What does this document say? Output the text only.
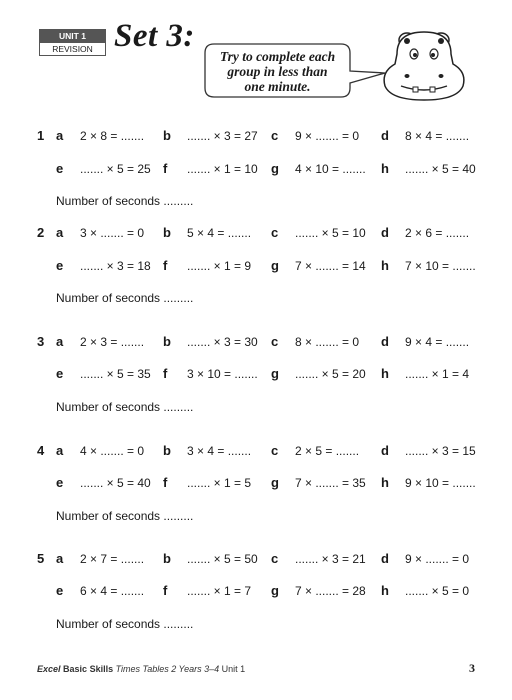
UNIT 1
REVISION Set 3:
Try to complete each
group in less than
one minute.
1 a 2 × 8 = ....... b ....... × 3 = 27 c 9 × ....... = 0 d 8 × 4 = .......
e ....... × 5 = 25 f ....... × 1 = 10 g 4 × 10 = ....... h ....... × 5 = 40
Number of seconds .........
2 a 3 × ....... = 0 b 5 × 4 = ....... c ....... × 5 = 10 d 2 × 6 = .......
e ....... × 3 = 18 f ....... × 1 = 9 g 7 × ....... = 14 h 7 × 10 = .......
Number of seconds .........
3 a 2 × 3 = ....... b ....... × 3 = 30 c 8 × ....... = 0 d 9 × 4 = .......
e ....... × 5 = 35 f 3 × 10 = ....... g ....... × 5 = 20 h ....... × 1 = 4
Number of seconds .........
4 a 4 × ....... = 0 b 3 × 4 = ....... c 2 × 5 = ....... d ....... × 3 = 15
e ....... × 5 = 40 f ....... × 1 = 5 g 7 × ....... = 35 h 9 × 10 = .......
Number of seconds .........
5 a 2 × 7 = ....... b ....... × 5 = 50 c ....... × 3 = 21 d 9 × ....... = 0
e 6 × 4 = ....... f ....... × 1 = 7 g 7 × ....... = 28 h ....... × 5 = 0
Number of seconds .........
Excel Basic Skills Times Tables 2 Years 3–4 Unit 1	3
